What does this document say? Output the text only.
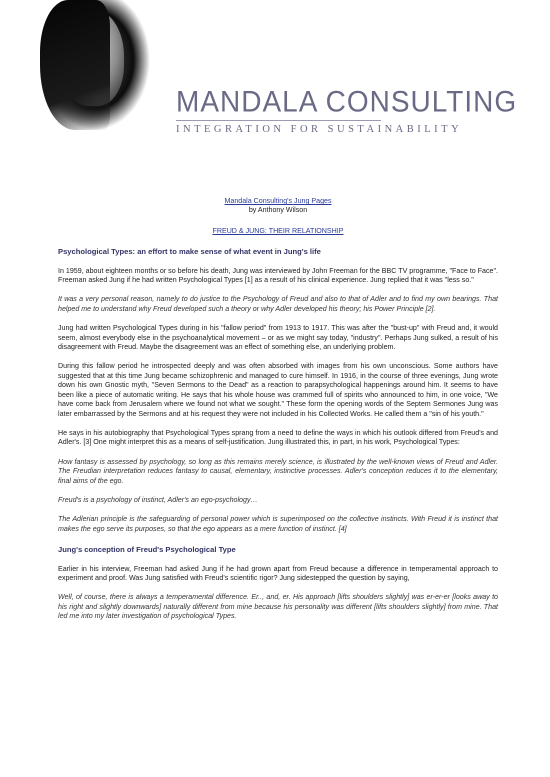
MANDALA CONSULTING
INTEGRATION FOR SUSTAINABILITY
Mandala Consulting's Jung Pages
by Anthony Wilson
FREUD & JUNG: THEIR RELATIONSHIP
Psychological Types: an effort to make sense of what event in Jung's life

In 1959, about eighteen months or so before his death, Jung was interviewed by John Freeman for the BBC TV programme, "Face to Face". Freeman asked Jung if he had written Psychological Types [1] as a result of his clinical experience. Jung replied that it was "less so."

It was a very personal reason, namely to do justice to the Psychology of Freud and also to that of Adler and to find my own bearings. That helped me to understand why Freud developed such a theory or why Adler developed his theory; his Power Principle [2].

Jung had written Psychological Types during in his "fallow period" from 1913 to 1917. This was after the "bust-up" with Freud and, it would seem, almost everybody else in the psychoanalytical movement – or as we might say today, "industry". Perhaps Jung sulked, a result of his disagreement with Freud. Maybe the disagreement was an effect of something else, an underlying problem.

During this fallow period he introspected deeply and was often absorbed with images from his own unconscious. Some authors have suggested that at this time Jung became schizophrenic and managed to cure himself. In 1916, in the course of three evenings, Jung wrote down his own Gnostic myth, "Seven Sermons to the Dead" as a reaction to parapsychological happenings around him. It seems to have been like a piece of automatic writing. He says that his whole house was crammed full of spirits who announced to him, in one voice, "We have come back from Jerusalem where we found not what we sought." These form the opening words of the Septem Sermones Jung was later embarrassed by the Sermons and at his request they were not included in his Collected Works. He called them a "sin of his youth."

He says in his autobiography that Psychological Types sprang from a need to define the ways in which his outlook differed from Freud's and Adler's. [3] One might interpret this as a means of self-justification. Jung illustrated this, in part, in his work, Psychological Types:

How fantasy is assessed by psychology, so long as this remains merely science, is illustrated by the well-known views of Freud and Adler. The Freudian interpretation reduces fantasy to causal, elementary, instinctive processes. Adler's conception reduces it to the elementary, final aims of the ego.

Freud's is a psychology of instinct, Adler's an ego-psychology…

The Adlerian principle is the safeguarding of personal power which is superimposed on the collective instincts. With Freud it is instinct that makes the ego serve its purposes, so that the ego appears as a mere function of instinct. [4]

Jung's conception of Freud's Psychological Type

Earlier in his interview, Freeman had asked Jung if he had grown apart from Freud because a difference in temperamental approach to experiment and proof. Was Jung satisfied with Freud's scientific rigor? Jung sidestepped the question by saying,

Well, of course, there is always a temperamental difference. Er.., and, er. His approach [lifts shoulders slightly] was er-er-er [looks away to his right and slightly downwards] naturally different from mine because his personality was different [lifts shoulders slightly] from mine. That led me into my later investigation of psychological Types.
